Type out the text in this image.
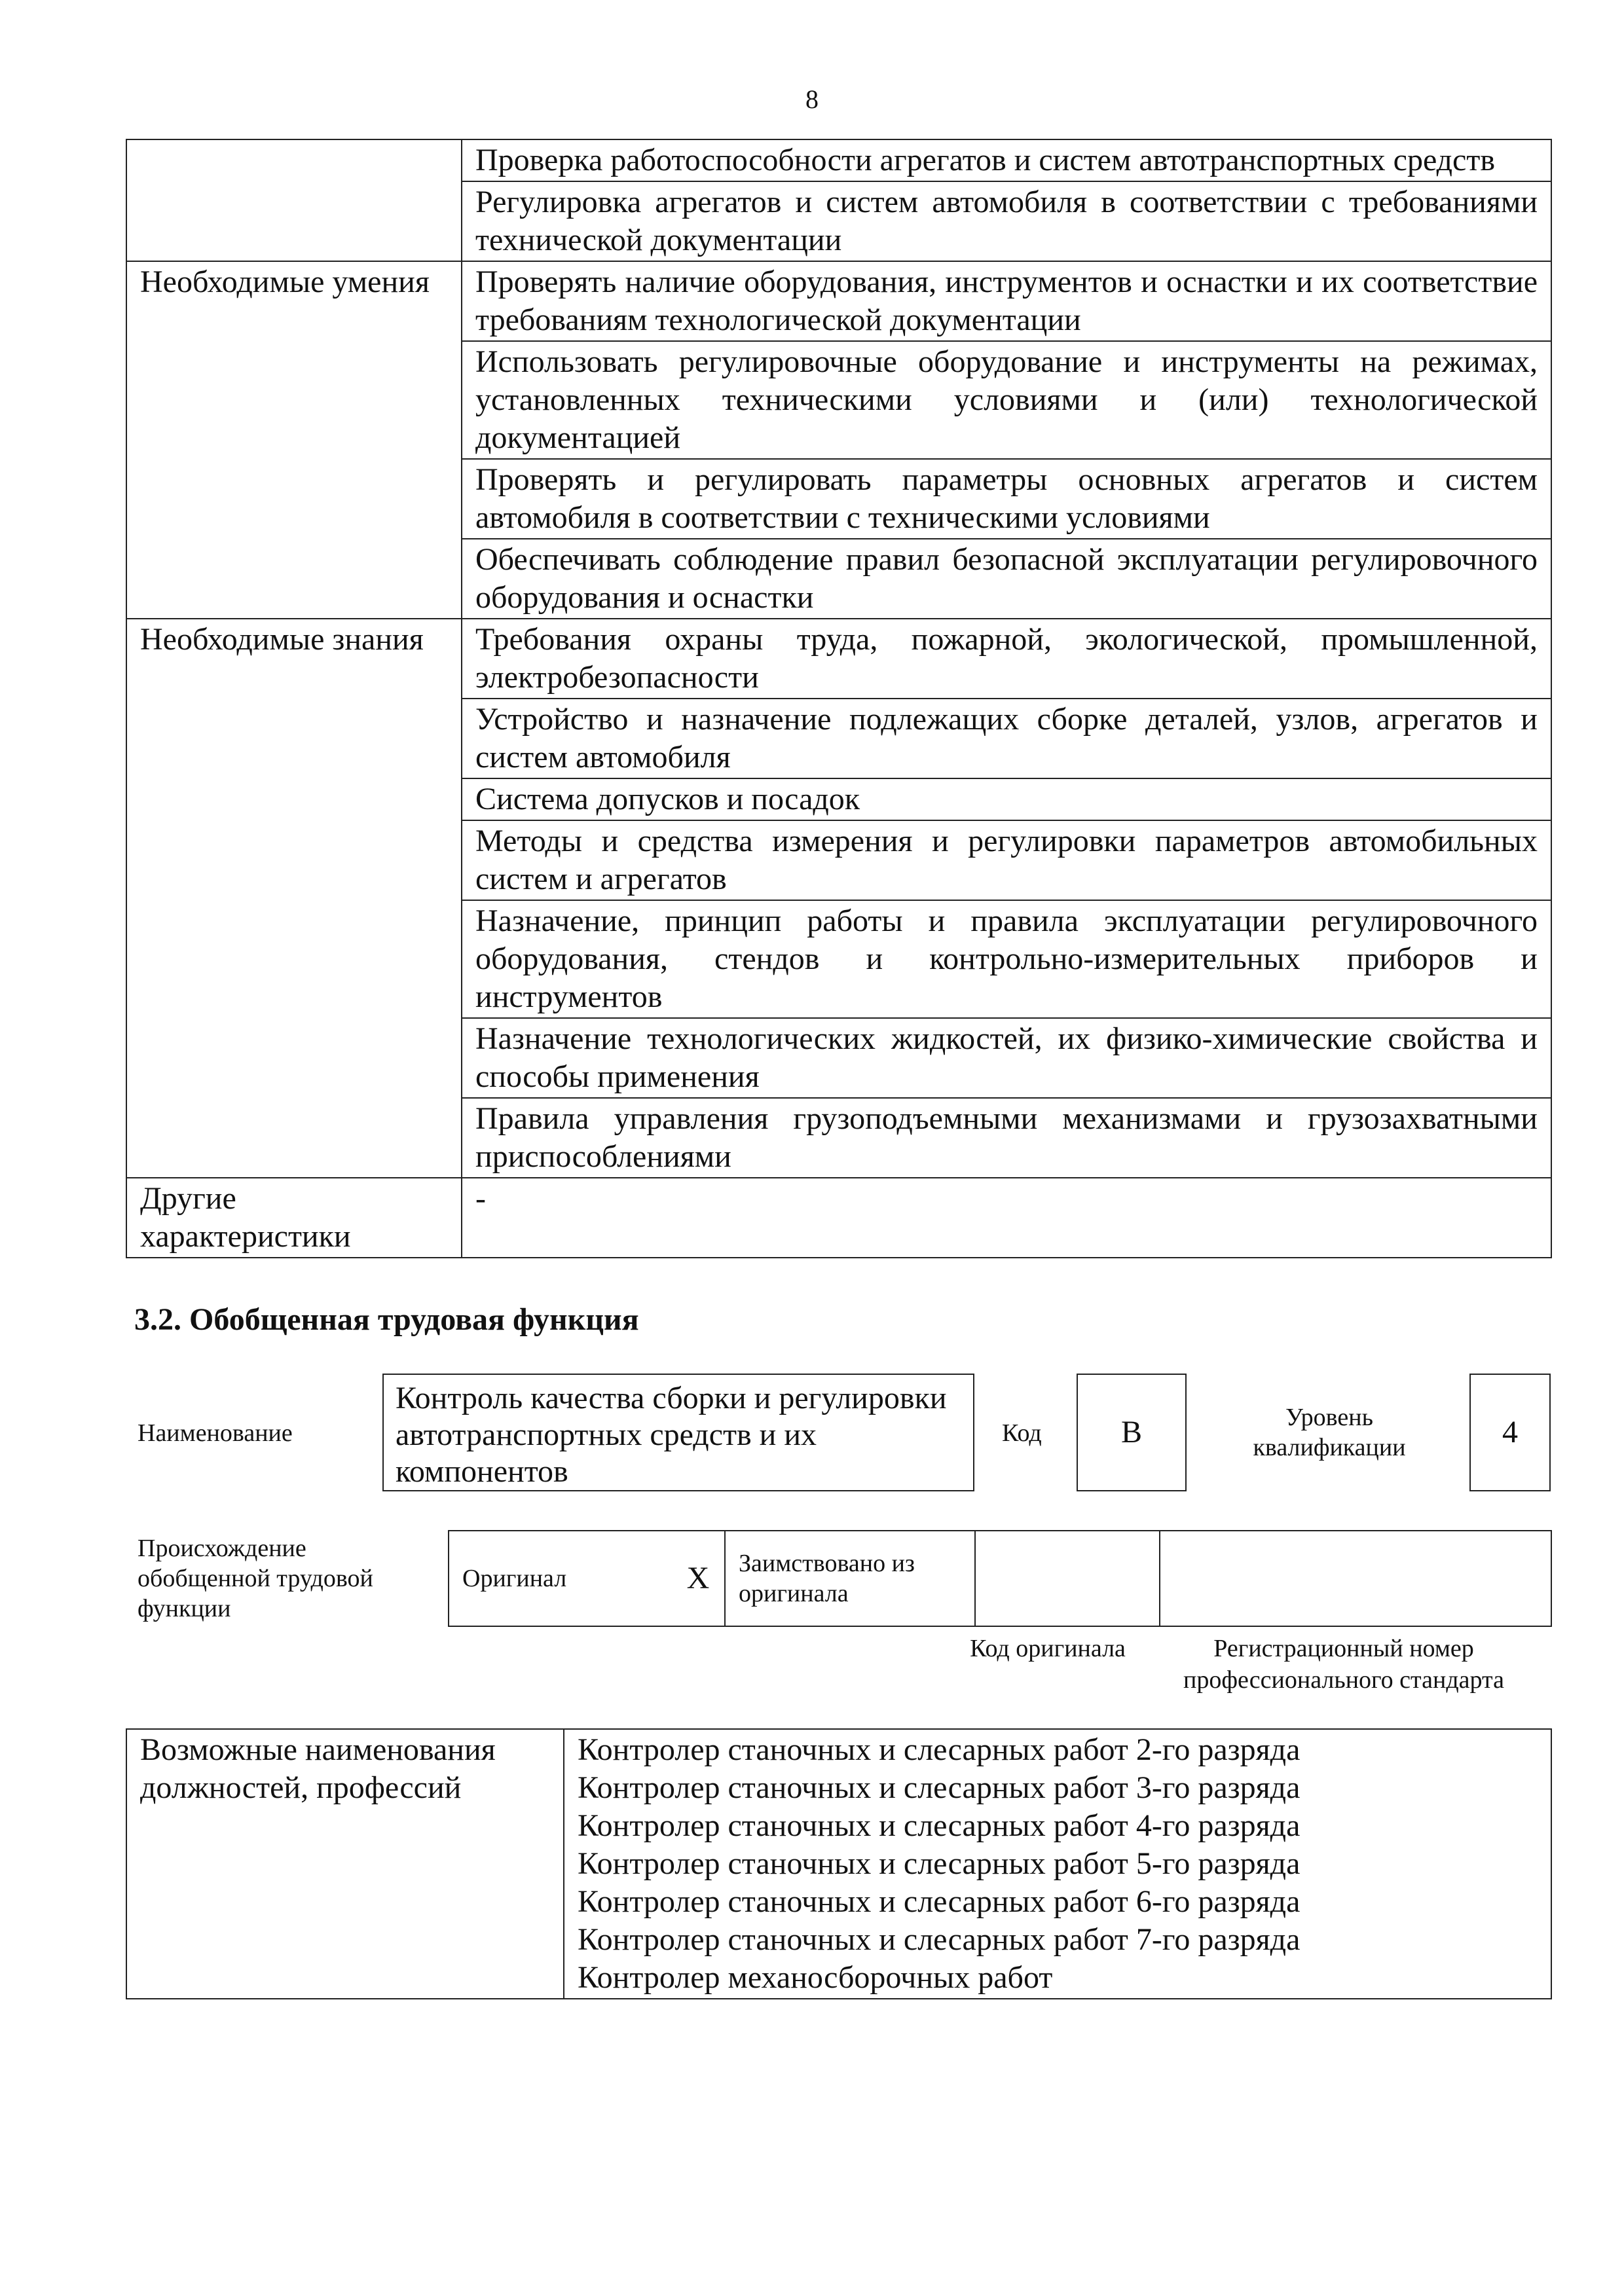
8
	Проверка работоспособности агрегатов и систем автотранспортных средств
	Регулировка агрегатов и систем автомобиля в соответствии с требованиями технической документации
Необходимые умения	Проверять наличие оборудования, инструментов и оснастки и их соответствие требованиям технологической документации
	Использовать регулировочные оборудование и инструменты на режимах, установленных техническими условиями и (или) технологической документацией
	Проверять и регулировать параметры основных агрегатов и систем автомобиля в соответствии с техническими условиями
	Обеспечивать соблюдение правил безопасной эксплуатации регулировочного оборудования и оснастки
Необходимые знания	Требования охраны труда, пожарной, экологической, промышленной, электробезопасности
	Устройство и назначение подлежащих сборке деталей, узлов, агрегатов и систем автомобиля
	Система допусков и посадок
	Методы и средства измерения и регулировки параметров автомобильных систем и агрегатов
	Назначение, принцип работы и правила эксплуатации регулировочного оборудования, стендов и контрольно-измерительных приборов и инструментов
	Назначение технологических жидкостей, их физико-химические свойства и способы применения
	Правила управления грузоподъемными механизмами и грузозахватными приспособлениями
Другие характеристики	-
3.2. Обобщенная трудовая функция
Наименование
Контроль качества сборки и регулировки автотранспортных средств и их компонентов
Код	B	Уровень квалификации	4
Происхождение обобщенной трудовой функции
Оригинал	X	Заимствовано из оригинала		
Код оригинала	Регистрационный номер профессионального стандарта
Возможные наименования должностей, профессий	
Контролер станочных и слесарных работ 2-го разряда
Контролер станочных и слесарных работ 3-го разряда
Контролер станочных и слесарных работ 4-го разряда
Контролер станочных и слесарных работ 5-го разряда
Контролер станочных и слесарных работ 6-го разряда
Контролер станочных и слесарных работ 7-го разряда
Контролер механосборочных работ
